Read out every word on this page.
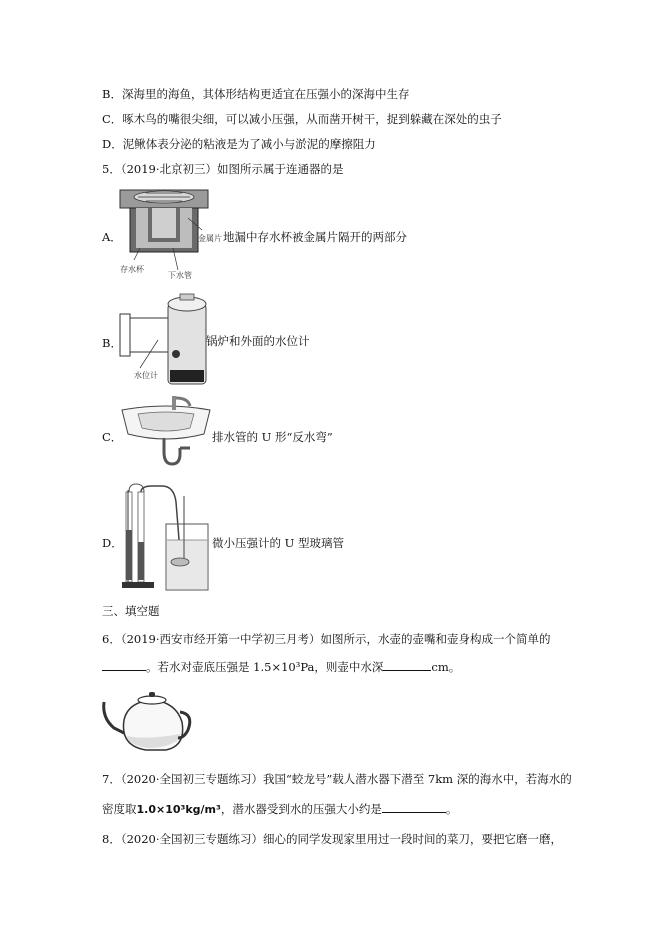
B．深海里的海鱼，其体形结构更适宜在压强小的深海中生存
C．啄木鸟的嘴很尖细，可以减小压强，从而凿开树干，捉到躲藏在深处的虫子
D．泥鳅体表分泌的粘液是为了减小与淤泥的摩擦阻力
5．（2019·北京初三）如图所示属于连通器的是
A．	金属片
存水杯
下水管
地漏中存水杯被金属片隔开的两部分
B．
水位计
锅炉和外面的水位计
C．	排水管的 U 形“反水弯”
D．	微小压强计的 U 型玻璃管
三、填空题
6．（2019·西安市经开第一中学初三月考）如图所示，水壶的壶嘴和壶身构成一个简单的
。若水对壶底压强是 1.5×10³Pa，则壶中水深	cm。
7．（2020·全国初三专题练习）我国“蛟龙号”载人潜水器下潜至 7km 深的海水中，若海水的
密度取1.0×10³kg/m³，潜水器受到水的压强大小约是	。
8．（2020·全国初三专题练习）细心的同学发现家里用过一段时间的菜刀，要把它磨一磨，
